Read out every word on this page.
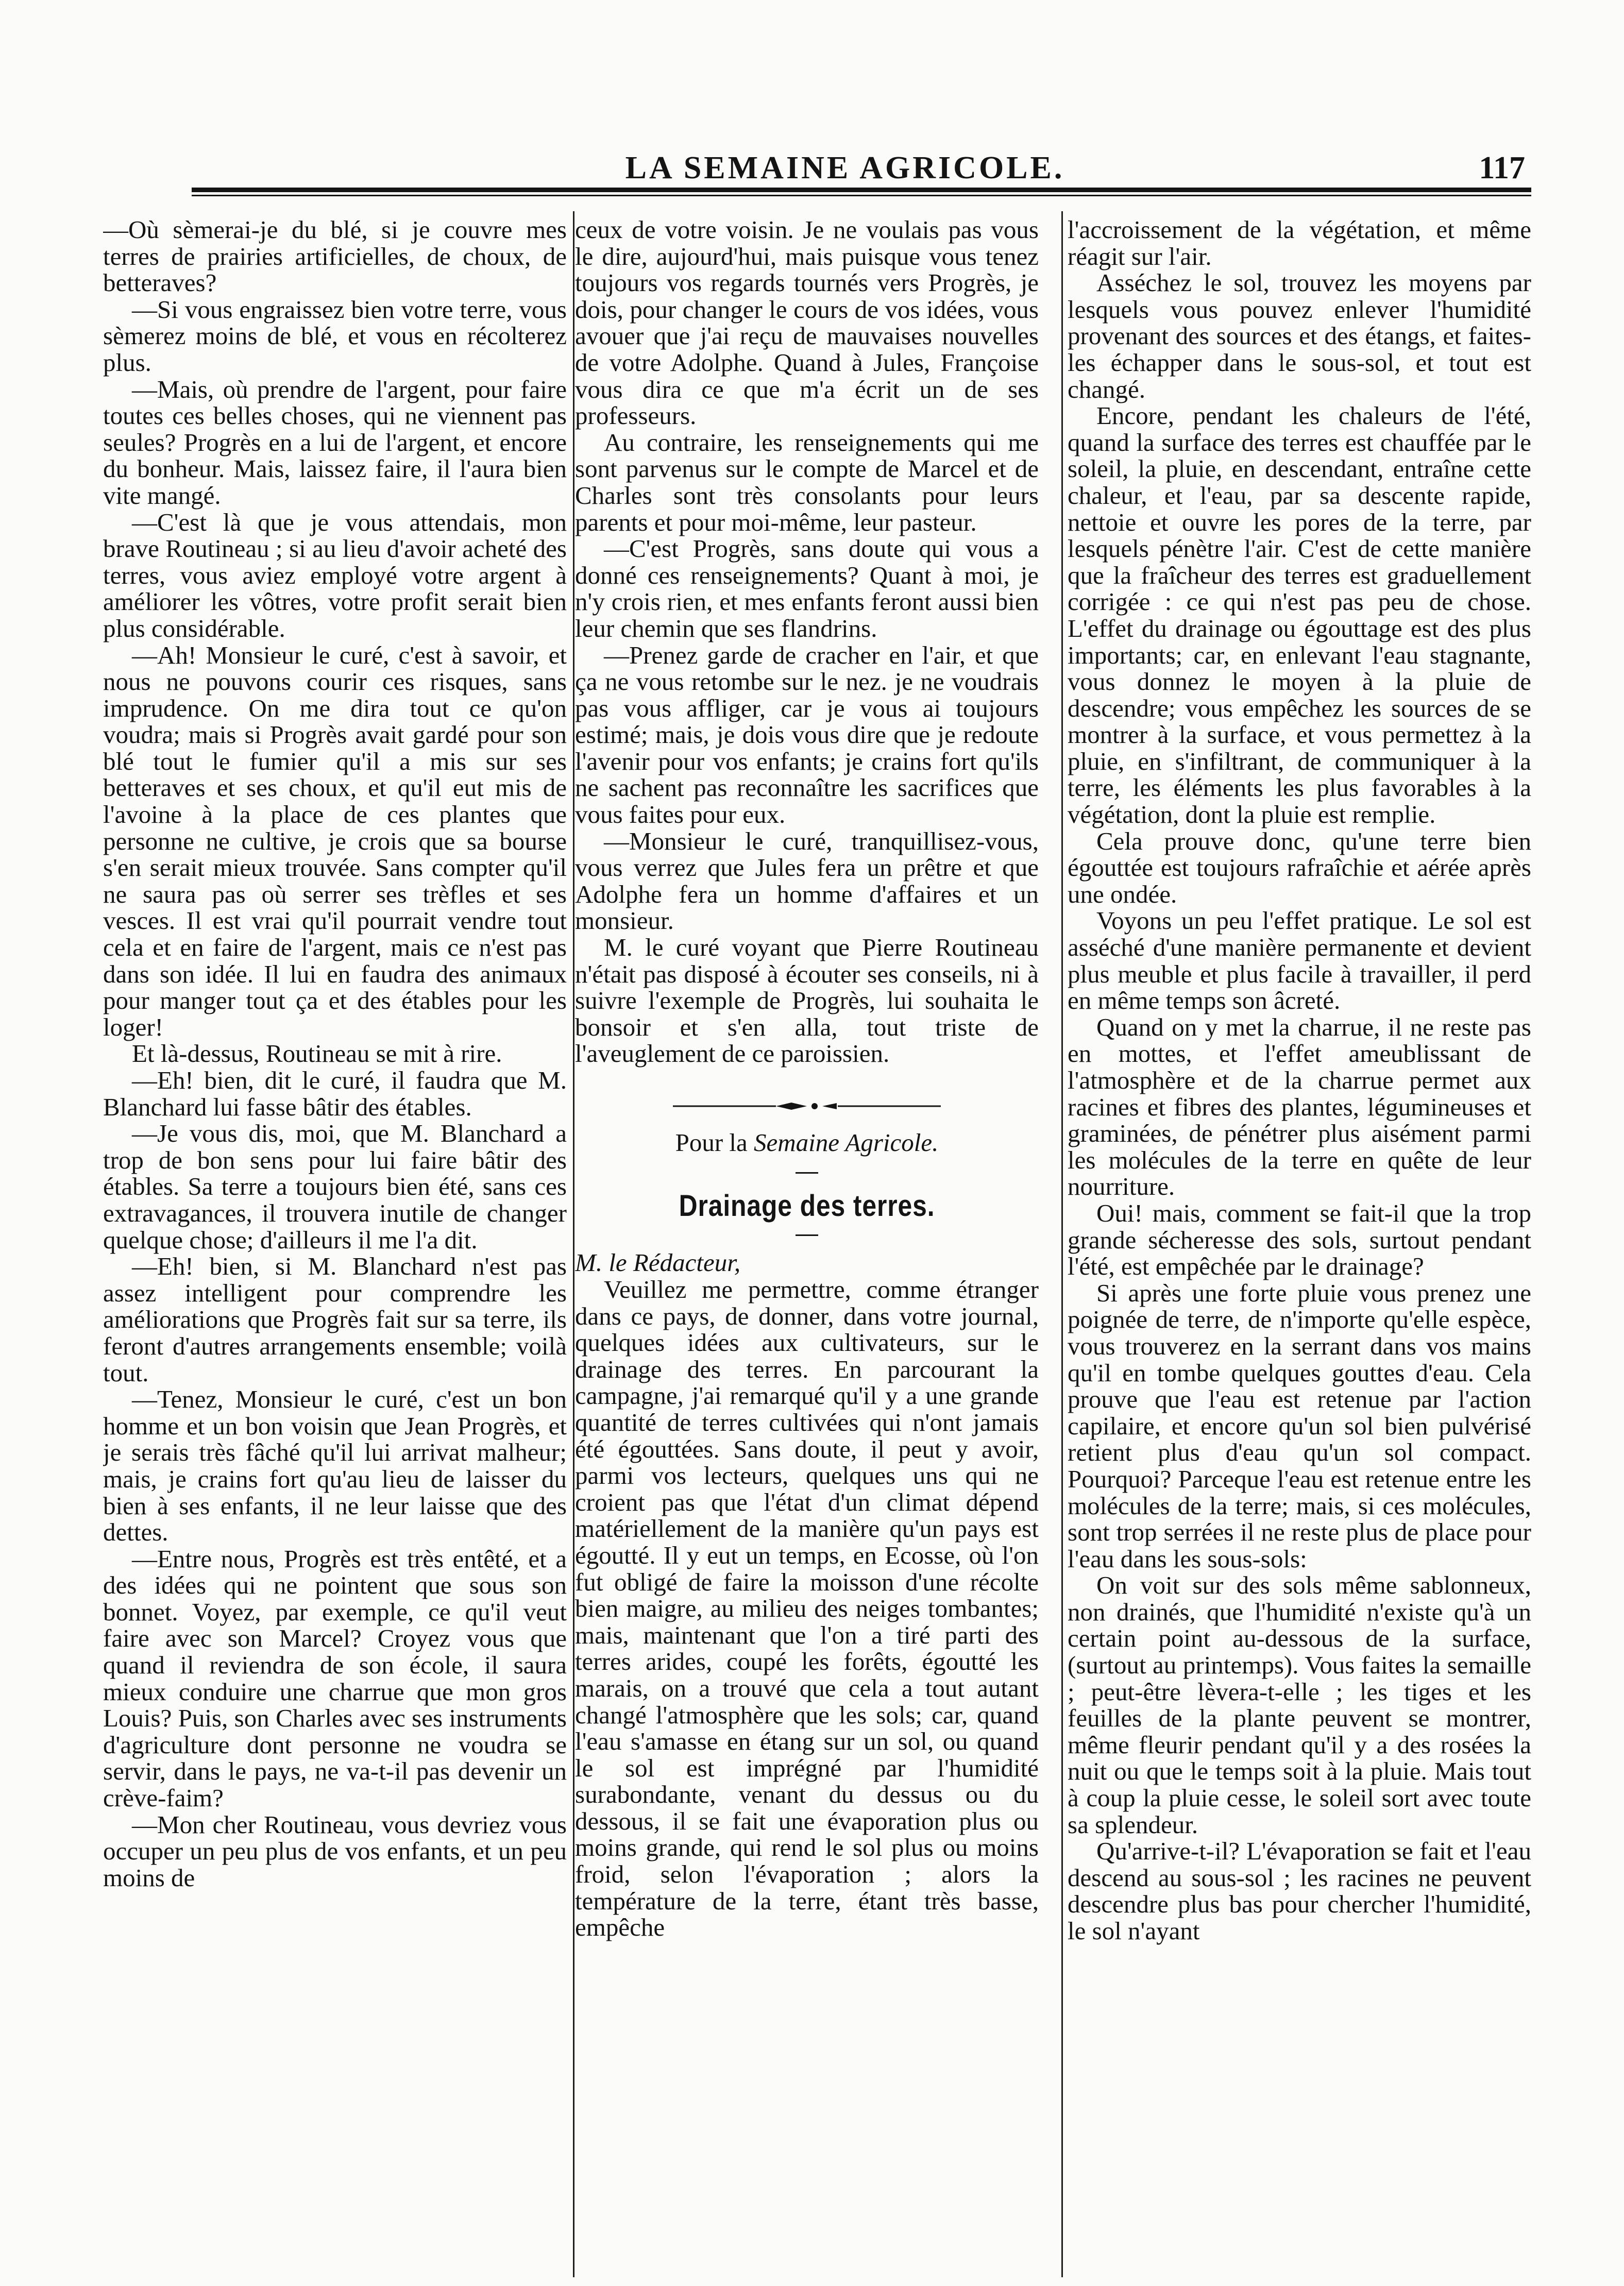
LA SEMAINE AGRICOLE.	117

—Où sèmerai-je du blé, si je couvre mes terres de prairies artificielles, de choux, de betteraves?

—Si vous engraissez bien votre terre, vous sèmerez moins de blé, et vous en récolterez plus.

—Mais, où prendre de l'argent, pour faire toutes ces belles choses, qui ne viennent pas seules? Progrès en a lui de l'argent, et encore du bonheur. Mais, laissez faire, il l'aura bien vite mangé.

—C'est là que je vous attendais, mon brave Routineau ; si au lieu d'avoir acheté des terres, vous aviez employé votre argent à améliorer les vôtres, votre profit serait bien plus considérable.

—Ah! Monsieur le curé, c'est à savoir, et nous ne pouvons courir ces risques, sans imprudence. On me dira tout ce qu'on voudra; mais si Progrès avait gardé pour son blé tout le fumier qu'il a mis sur ses betteraves et ses choux, et qu'il eut mis de l'avoine à la place de ces plantes que personne ne cultive, je crois que sa bourse s'en serait mieux trouvée. Sans compter qu'il ne saura pas où serrer ses trèfles et ses vesces. Il est vrai qu'il pourrait vendre tout cela et en faire de l'argent, mais ce n'est pas dans son idée. Il lui en faudra des animaux pour manger tout ça et des étables pour les loger!

Et là-dessus, Routineau se mit à rire.

—Eh! bien, dit le curé, il faudra que M. Blanchard lui fasse bâtir des étables.

—Je vous dis, moi, que M. Blanchard a trop de bon sens pour lui faire bâtir des étables. Sa terre a toujours bien été, sans ces extravagances, il trouvera inutile de changer quelque chose; d'ailleurs il me l'a dit.

—Eh! bien, si M. Blanchard n'est pas assez intelligent pour comprendre les améliorations que Progrès fait sur sa terre, ils feront d'autres arrangements ensemble; voilà tout.

—Tenez, Monsieur le curé, c'est un bon homme et un bon voisin que Jean Progrès, et je serais très fâché qu'il lui arrivat malheur; mais, je crains fort qu'au lieu de laisser du bien à ses enfants, il ne leur laisse que des dettes.

—Entre nous, Progrès est très entêté, et a des idées qui ne pointent que sous son bonnet. Voyez, par exemple, ce qu'il veut faire avec son Marcel? Croyez vous que quand il reviendra de son école, il saura mieux conduire une charrue que mon gros Louis? Puis, son Charles avec ses instruments d'agriculture dont personne ne voudra se servir, dans le pays, ne va-t-il pas devenir un crève-faim?

—Mon cher Routineau, vous devriez vous occuper un peu plus de vos enfants, et un peu moins de

ceux de votre voisin. Je ne voulais pas vous le dire, aujourd'hui, mais puisque vous tenez toujours vos regards tournés vers Progrès, je dois, pour changer le cours de vos idées, vous avouer que j'ai reçu de mauvaises nouvelles de votre Adolphe. Quand à Jules, Françoise vous dira ce que m'a écrit un de ses professeurs.

Au contraire, les renseignements qui me sont parvenus sur le compte de Marcel et de Charles sont très consolants pour leurs parents et pour moi-même, leur pasteur.

—C'est Progrès, sans doute qui vous a donné ces renseignements? Quant à moi, je n'y crois rien, et mes enfants feront aussi bien leur chemin que ses flandrins.

—Prenez garde de cracher en l'air, et que ça ne vous retombe sur le nez. je ne voudrais pas vous affliger, car je vous ai toujours estimé; mais, je dois vous dire que je redoute l'avenir pour vos enfants; je crains fort qu'ils ne sachent pas reconnaître les sacrifices que vous faites pour eux.

—Monsieur le curé, tranquillisez-vous, vous verrez que Jules fera un prêtre et que Adolphe fera un homme d'affaires et un monsieur.

M. le curé voyant que Pierre Routineau n'était pas disposé à écouter ses conseils, ni à suivre l'exemple de Progrès, lui souhaita le bonsoir et s'en alla, tout triste de l'aveuglement de ce paroissien.

Pour la Semaine Agricole.

Drainage des terres.

M. le Rédacteur,

Veuillez me permettre, comme étranger dans ce pays, de donner, dans votre journal, quelques idées aux cultivateurs, sur le drainage des terres. En parcourant la campagne, j'ai remarqué qu'il y a une grande quantité de terres cultivées qui n'ont jamais été égouttées. Sans doute, il peut y avoir, parmi vos lecteurs, quelques uns qui ne croient pas que l'état d'un climat dépend matériellement de la manière qu'un pays est égoutté. Il y eut un temps, en Ecosse, où l'on fut obligé de faire la moisson d'une récolte bien maigre, au milieu des neiges tombantes; mais, maintenant que l'on a tiré parti des terres arides, coupé les forêts, égoutté les marais, on a trouvé que cela a tout autant changé l'atmosphère que les sols; car, quand l'eau s'amasse en étang sur un sol, ou quand le sol est imprégné par l'humidité surabondante, venant du dessus ou du dessous, il se fait une évaporation plus ou moins grande, qui rend le sol plus ou moins froid, selon l'évaporation ; alors la température de la terre, étant très basse, empêche

l'accroissement de la végétation, et même réagit sur l'air.

Asséchez le sol, trouvez les moyens par lesquels vous pouvez enlever l'humidité provenant des sources et des étangs, et faites-les échapper dans le sous-sol, et tout est changé.

Encore, pendant les chaleurs de l'été, quand la surface des terres est chauffée par le soleil, la pluie, en descendant, entraîne cette chaleur, et l'eau, par sa descente rapide, nettoie et ouvre les pores de la terre, par lesquels pénètre l'air. C'est de cette manière que la fraîcheur des terres est graduellement corrigée : ce qui n'est pas peu de chose. L'effet du drainage ou égouttage est des plus importants; car, en enlevant l'eau stagnante, vous donnez le moyen à la pluie de descendre; vous empêchez les sources de se montrer à la surface, et vous permettez à la pluie, en s'infiltrant, de communiquer à la terre, les éléments les plus favorables à la végétation, dont la pluie est remplie.

Cela prouve donc, qu'une terre bien égouttée est toujours rafraîchie et aérée après une ondée.

Voyons un peu l'effet pratique. Le sol est asséché d'une manière permanente et devient plus meuble et plus facile à travailler, il perd en même temps son âcreté.

Quand on y met la charrue, il ne reste pas en mottes, et l'effet ameublissant de l'atmosphère et de la charrue permet aux racines et fibres des plantes, légumineuses et graminées, de pénétrer plus aisément parmi les molécules de la terre en quête de leur nourriture.

Oui! mais, comment se fait-il que la trop grande sécheresse des sols, surtout pendant l'été, est empêchée par le drainage?

Si après une forte pluie vous prenez une poignée de terre, de n'importe qu'elle espèce, vous trouverez en la serrant dans vos mains qu'il en tombe quelques gouttes d'eau. Cela prouve que l'eau est retenue par l'action capilaire, et encore qu'un sol bien pulvérisé retient plus d'eau qu'un sol compact. Pourquoi? Parceque l'eau est retenue entre les molécules de la terre; mais, si ces molécules, sont trop serrées il ne reste plus de place pour l'eau dans les sous-sols:

On voit sur des sols même sablonneux, non drainés, que l'humidité n'existe qu'à un certain point au-dessous de la surface, (surtout au printemps). Vous faites la semaille ; peut-être lèvera-t-elle ; les tiges et les feuilles de la plante peuvent se montrer, même fleurir pendant qu'il y a des rosées la nuit ou que le temps soit à la pluie. Mais tout à coup la pluie cesse, le soleil sort avec toute sa splendeur.

Qu'arrive-t-il? L'évaporation se fait et l'eau descend au sous-sol ; les racines ne peuvent descendre plus bas pour chercher l'humidité, le sol n'ayant
